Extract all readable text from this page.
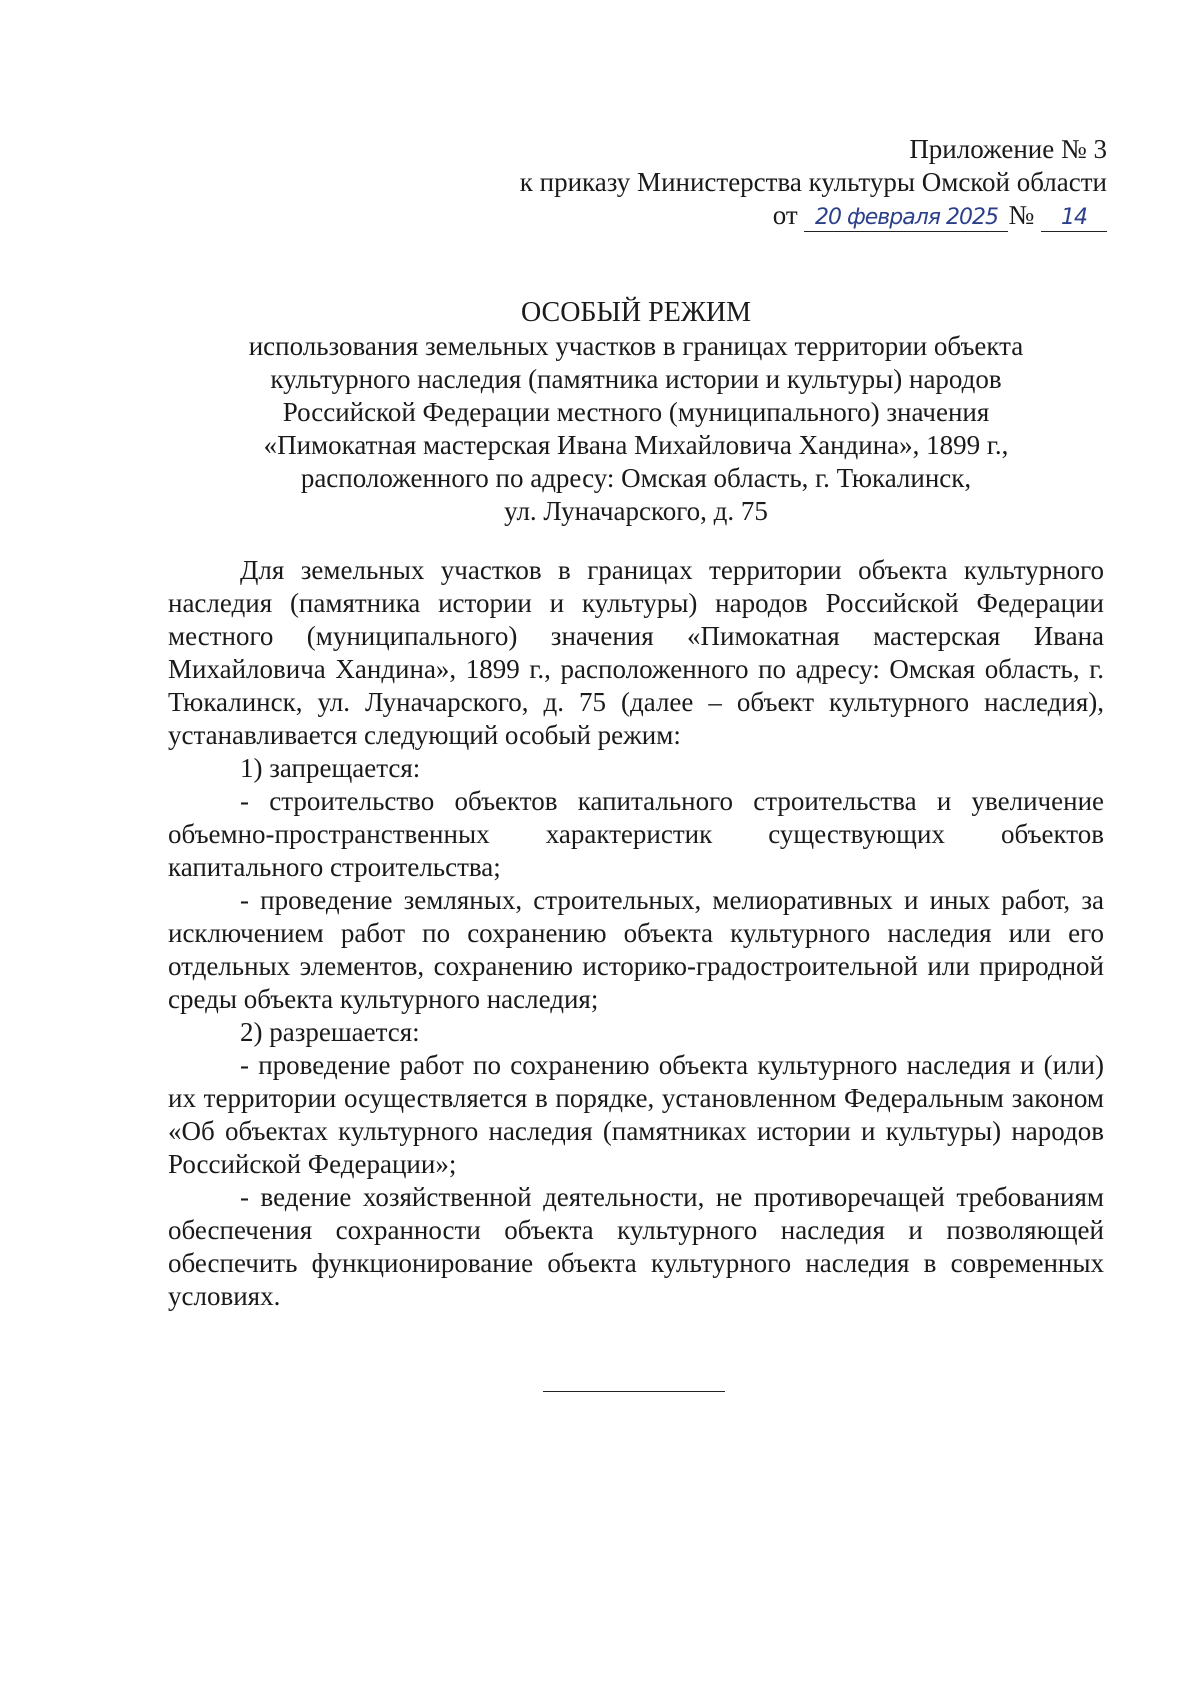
Приложение № 3
к приказу Министерства культуры Омской области
от 20 февраля 2025 № 14
ОСОБЫЙ РЕЖИМ
использования земельных участков в границах территории объекта
культурного наследия (памятника истории и культуры) народов
Российской Федерации местного (муниципального) значения
«Пимокатная мастерская Ивана Михайловича Хандина», 1899 г.,
расположенного по адресу: Омская область, г. Тюкалинск,
ул. Луначарского, д. 75

Для земельных участков в границах территории объекта культурного наследия (памятника истории и культуры) народов Российской Федерации местного (муниципального) значения «Пимокатная мастерская Ивана Михайловича Хандина», 1899 г., расположенного по адресу: Омская область, г. Тюкалинск, ул. Луначарского, д. 75 (далее – объект культурного наследия), устанавливается следующий особый режим:

1) запрещается:

- строительство объектов капитального строительства и увеличение объемно-пространственных характеристик существующих объектов капитального строительства;

- проведение земляных, строительных, мелиоративных и иных работ, за исключением работ по сохранению объекта культурного наследия или его отдельных элементов, сохранению историко-градостроительной или природной среды объекта культурного наследия;

2) разрешается:

- проведение работ по сохранению объекта культурного наследия и (или) их территории осуществляется в порядке, установленном Федеральным законом «Об объектах культурного наследия (памятниках истории и культуры) народов Российской Федерации»;

- ведение хозяйственной деятельности, не противоречащей требованиям обеспечения сохранности объекта культурного наследия и позволяющей обеспечить функционирование объекта культурного наследия в современных условиях.
